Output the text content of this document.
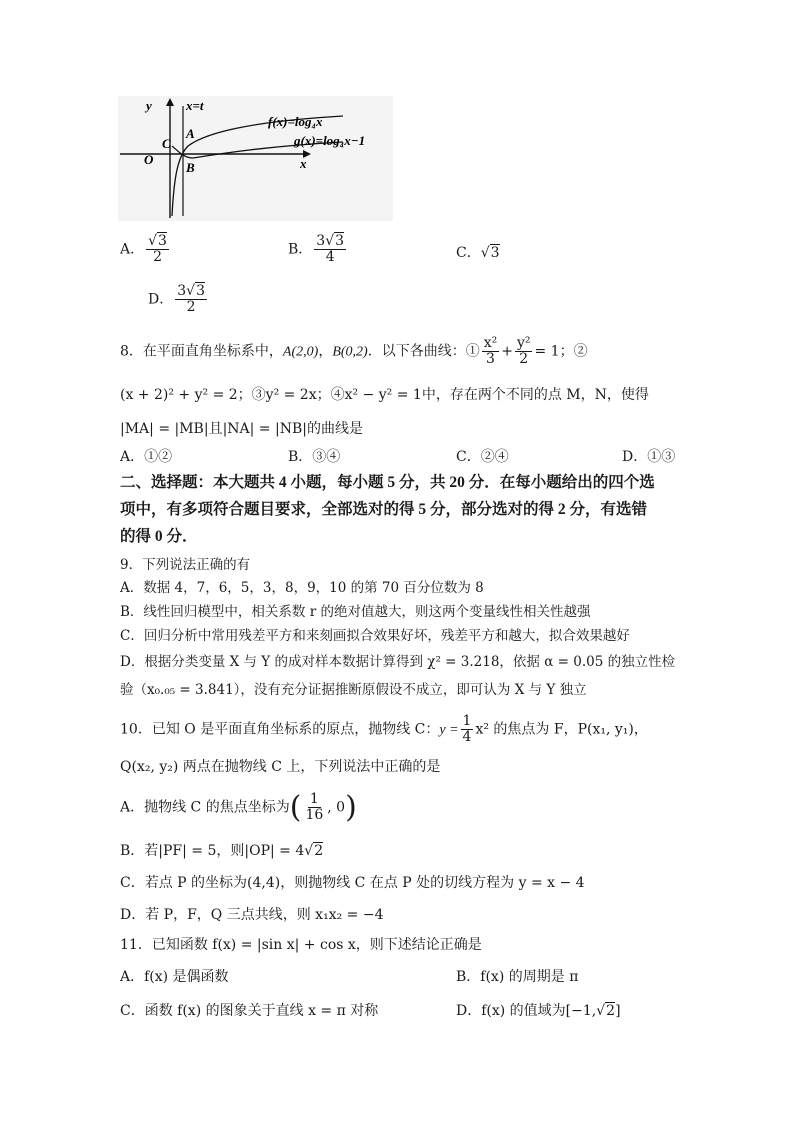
y	x=t
f(x)=log₄x
g(x)=log₄x−1
C
A
B
O	x
A． $\frac{√3}{2}$	B． $\frac{3√3}{4}$	C．√3
D． $\frac{3√3}{2}$
8．在平面直角坐标系中，A(2,0)，B(0,2)．以下各曲线：① $\frac{\text{x²}}{3} + \frac{\text{y²}}{2} = 1$；②
(x + 2)² + y² = 2；③y² = 2x；④x² − y² = 1中，存在两个不同的点 M，N，使得
|MA| = |MB|且|NA| = |NB|的曲线是
A．①②	B．③④	C．②④	D．①③
二、选择题：本大题共 4 小题，每小题 5 分，共 20 分．在每小题给出的四个选
项中，有多项符合题目要求，全部选对的得 5 分，部分选对的得 2 分，有选错
的得 0 分．
9．下列说法正确的有
A．数据 4，7，6，5，3，8，9，10 的第 70 百分位数为 8
B．线性回归模型中，相关系数 r 的绝对值越大，则这两个变量线性相关性越强
C．回归分析中常用残差平方和来刻画拟合效果好坏，残差平方和越大，拟合效果越好
D．根据分类变量 X 与 Y 的成对样本数据计算得到 χ² = 3.218，依据 α = 0.05 的独立性检
验（x₀.₀₅ = 3.841），没有充分证据推断原假设不成立，即可认为 X 与 Y 独立
10．已知 O 是平面直角坐标系的原点，抛物线 C：$y = \frac{1}{4} x^2$ 的焦点为 F，P(x₁, y₁)，
Q(x₂, y₂) 两点在抛物线 C 上，下列说法中正确的是
A．抛物线 C 的焦点坐标为( $\frac{1}{16}$ , 0)
B．若|PF| = 5，则|OP| = 4√2
C．若点 P 的坐标为(4,4)，则抛物线 C 在点 P 处的切线方程为 y = x − 4
D．若 P，F，Q 三点共线，则 x₁x₂ = −4
11．已知函数 f(x) = |sin x| + cos x，则下述结论正确是
A．f(x) 是偶函数	B．f(x) 的周期是 π
C．函数 f(x) 的图象关于直线 x = π 对称	D．f(x) 的值域为[−1,√2]
